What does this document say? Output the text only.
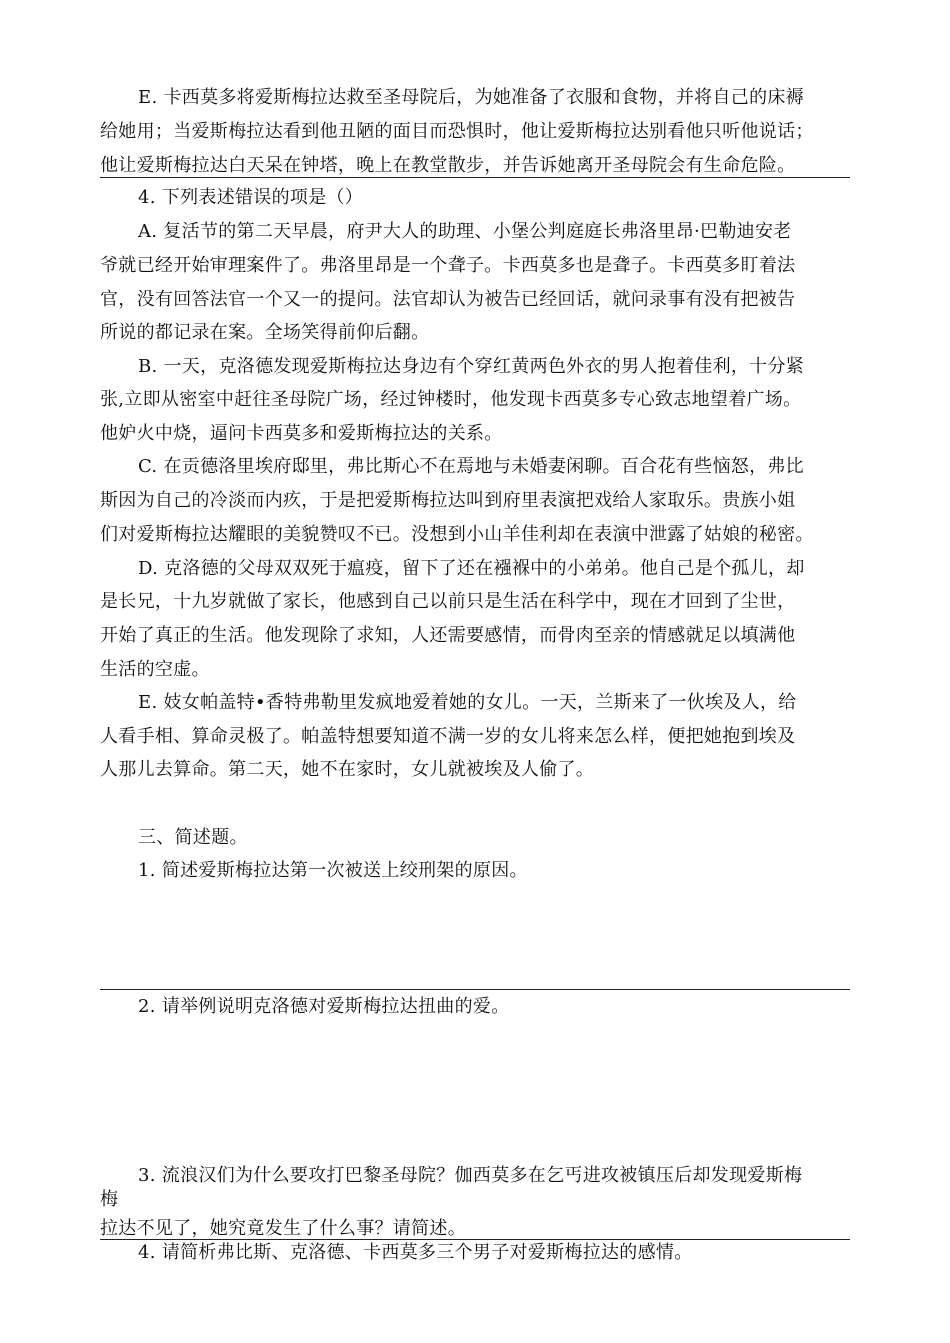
E. 卡西莫多将爱斯梅拉达救至圣母院后，为她准备了衣服和食物，并将自己的床褥
给她用；当爱斯梅拉达看到他丑陋的面目而恐惧时，他让爱斯梅拉达别看他只听他说话；
他让爱斯梅拉达白天呆在钟塔，晚上在教堂散步，并告诉她离开圣母院会有生命危险。
4. 下列表述错误的项是（）
A. 复活节的第二天早晨，府尹大人的助理、小堡公判庭庭长弗洛里昂·巴勒迪安老
爷就已经开始审理案件了。弗洛里昂是一个聋子。卡西莫多也是聋子。卡西莫多盯着法
官，没有回答法官一个又一的提问。法官却认为被告已经回话，就问录事有没有把被告
所说的都记录在案。全场笑得前仰后翻。
B. 一天，克洛德发现爱斯梅拉达身边有个穿红黄两色外衣的男人抱着佳利，十分紧
张,立即从密室中赶往圣母院广场，经过钟楼时，他发现卡西莫多专心致志地望着广场。
他妒火中烧，逼问卡西莫多和爱斯梅拉达的关系。
C. 在贡德洛里埃府邸里，弗比斯心不在焉地与未婚妻闲聊。百合花有些恼怒，弗比
斯因为自己的冷淡而内疚，于是把爱斯梅拉达叫到府里表演把戏给人家取乐。贵族小姐
们对爱斯梅拉达耀眼的美貌赞叹不已。没想到小山羊佳利却在表演中泄露了姑娘的秘密。
D. 克洛德的父母双双死于瘟疫，留下了还在襁褓中的小弟弟。他自己是个孤儿，却
是长兄，十九岁就做了家长，他感到自己以前只是生活在科学中，现在才回到了尘世，
开始了真正的生活。他发现除了求知，人还需要感情，而骨肉至亲的情感就足以填满他
生活的空虚。
E. 妓女帕盖特•香特弗勒里发疯地爱着她的女儿。一天，兰斯来了一伙埃及人，给
人看手相、算命灵极了。帕盖特想要知道不满一岁的女儿将来怎么样，便把她抱到埃及
人那儿去算命。第二天，她不在家时，女儿就被埃及人偷了。
三、简述题。
1. 简述爱斯梅拉达第一次被送上绞刑架的原因。
2. 请举例说明克洛德对爱斯梅拉达扭曲的爱。
3. 流浪汉们为什么要攻打巴黎圣母院？伽西莫多在乞丐进攻被镇压后却发现爱斯梅
梅
拉达不见了，她究竟发生了什么事？请简述。
4. 请简析弗比斯、克洛德、卡西莫多三个男子对爱斯梅拉达的感情。
